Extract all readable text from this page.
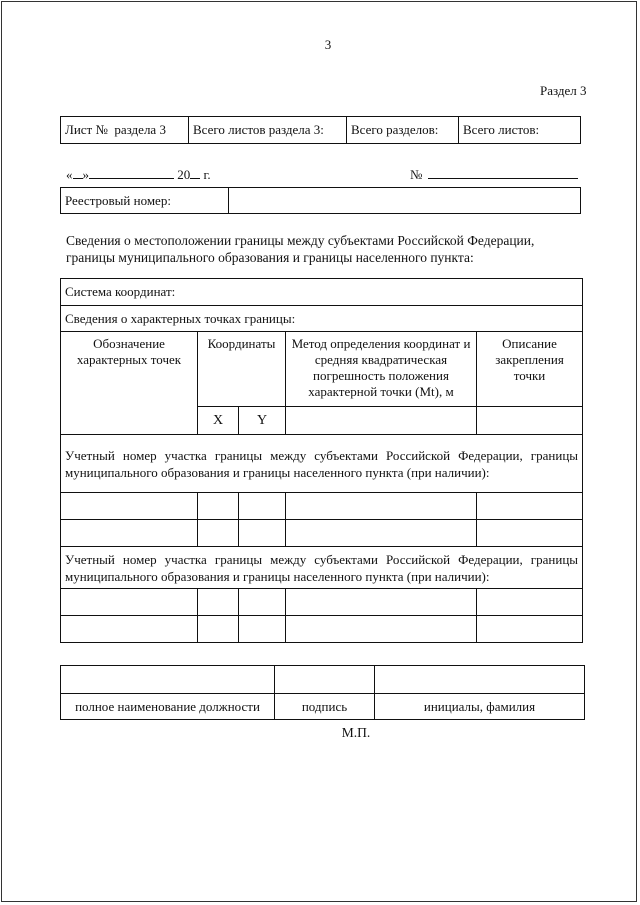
3
Раздел 3
Лист № раздела 3	Всего листов раздела 3:	Всего разделов:	Всего листов:
« »	20 г.	№
Реестровый номер:	
Сведения о местоположении границы между субъектами Российской Федерации, границы муниципального образования и границы населенного пункта:
Система координат:				
Сведения о характерных точках границы:				
Обозначение характерных точек	Координаты		Метод определения координат и средняя квадратическая погрешность положения характерной точки (Mt), м	Описание закрепления точки
	X	Y		
Учетный номер участка границы между субъектами Российской Федерации, границы муниципального образования и границы населенного пункта (при наличии):				

Учетный номер участка границы между субъектами Российской Федерации, границы муниципального образования и границы населенного пункта (при наличии):				

полное наименование должности	подпись	инициалы, фамилия
М.П.
